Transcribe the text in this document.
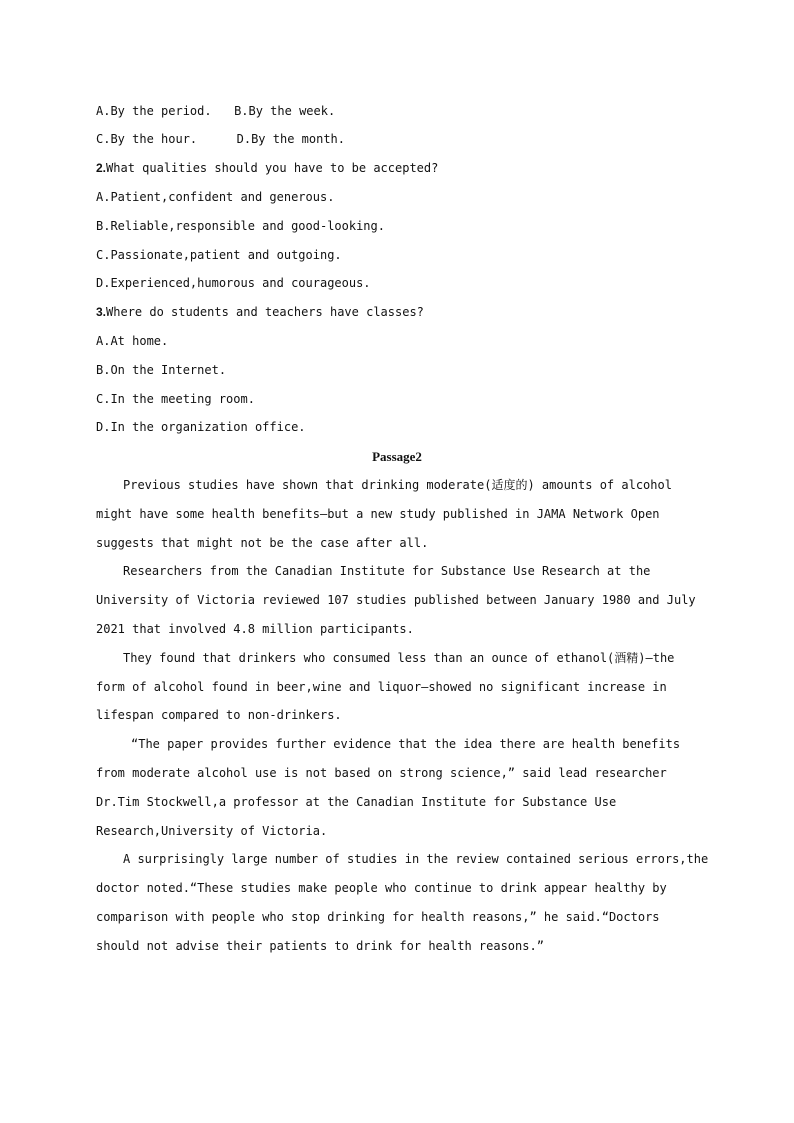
A.By the period. B.By the week.
C.By the hour.	D.By the month.
2.What qualities should you have to be accepted?
A.Patient,confident and generous.
B.Reliable,responsible and good-looking.
C.Passionate,patient and outgoing.
D.Experienced,humorous and courageous.
3.Where do students and teachers have classes?
A.At home.
B.On the Internet.
C.In the meeting room.
D.In the organization office.
Passage2
Previous studies have shown that drinking moderate(适度的) amounts of alcohol
might have some health benefits—but a new study published in JAMA Network Open
suggests that might not be the case after all.
Researchers from the Canadian Institute for Substance Use Research at the
University of Victoria reviewed 107 studies published between January 1980 and July
2021 that involved 4.8 million participants.
They found that drinkers who consumed less than an ounce of ethanol(酒精)—the
form of alcohol found in beer,wine and liquor—showed no significant increase in
lifespan compared to non-drinkers.
“The paper provides further evidence that the idea there are health benefits
from moderate alcohol use is not based on strong science,” said lead researcher
Dr.Tim Stockwell,a professor at the Canadian Institute for Substance Use
Research,University of Victoria.
A surprisingly large number of studies in the review contained serious errors,the
doctor noted.“These studies make people who continue to drink appear healthy by
comparison with people who stop drinking for health reasons,” he said.“Doctors
should not advise their patients to drink for health reasons.”
